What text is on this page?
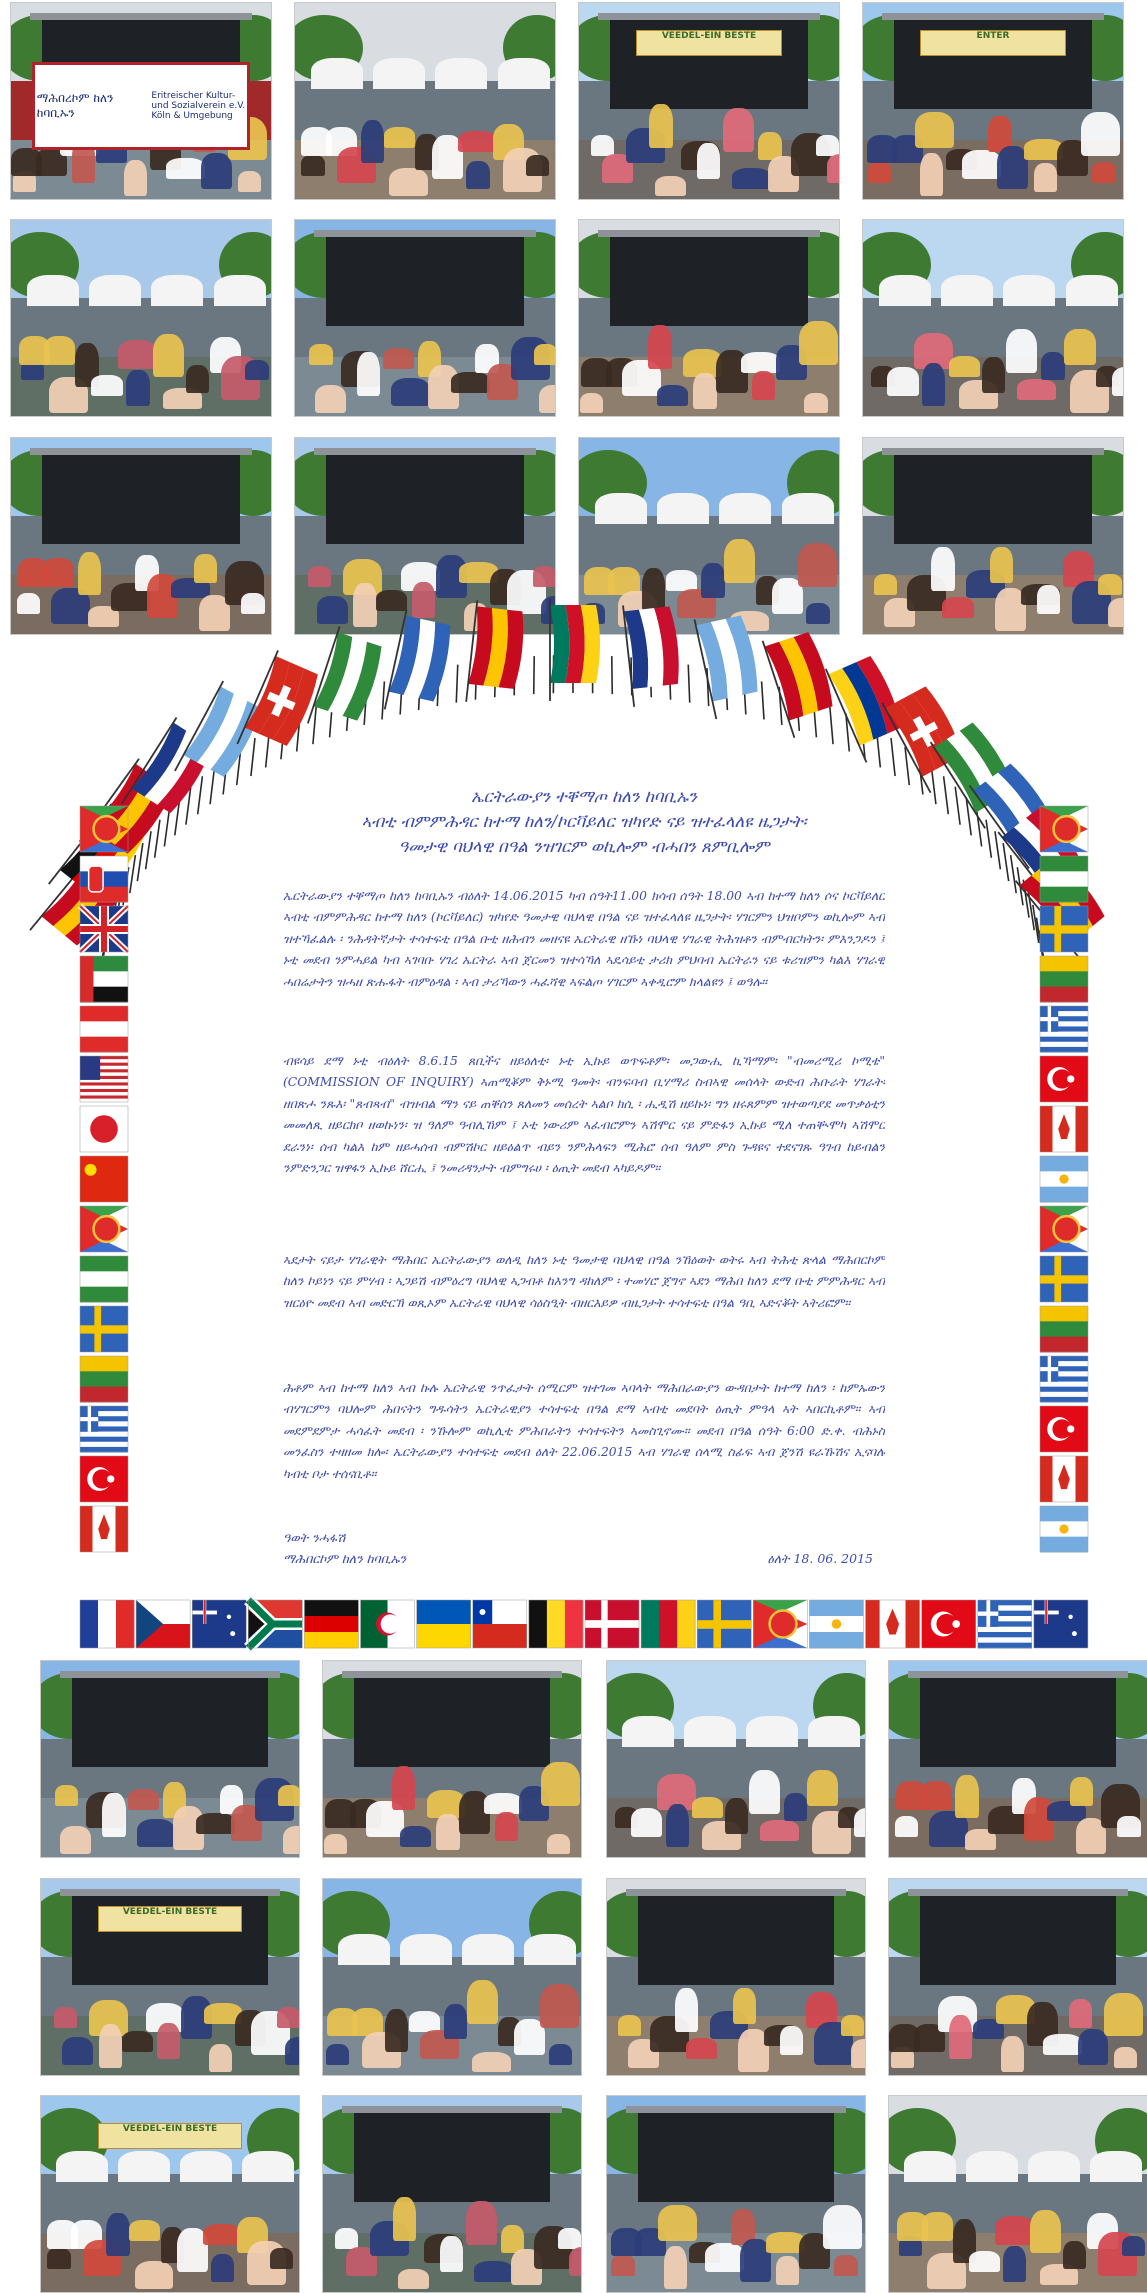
ማሕበረኮም ከለን ከባቢኡን
Eritreischer Kultur- und Sozialverein e.V. Köln & Umgebung
VEEDEL-EIN BESTE	ENTER
ኤርትራውያን ተቐማጦ ከለን ከባቢኡን
ኣብቲ ብምምሕዳር ከተማ ከለን/ኮርቫይለር ዝካየድ ናይ ዝተፈላለዩ ዜጋታት፡
ዓመታዊ ባህላዊ በዓል ንዝገርም ወኪሎም ብሓበን ጸምቢሎም

ኤርትራውያን ተቐማጦ ከለን ከባቢኡን ብዕለት 14.06.2015 ካብ ሰዓት11.00 ክሳብ ሰዓት 18.00 ኣብ ከተማ ከለን ሶና ኮርቫይለር ኣብቲ ብምምሕዳር ከተማ ከለን (ኮርቫይለር) ዝካየድ ዓመታዊ ባህላዊ በዓል ናይ ዝተፈላለዩ ዜጋታት፡ ሃገርምን ህዝቦምን ወኪሎም ኣብ ዝተኻፈልሉ ፡ ንሕዳትኛታት ተሳተፍቲ በዓል ቡቲ ዘሕብን መዘናዩ ኤርትራዊ ዘኹነ ባህላዊ ሃገራዊ ትሕዝቶን ብምብርካትን፡ ምእንጋዶን ፤ ኑቲ መደብ ንምሓይል ካብ ኣገባቡ ሃገረ ኤርትራ ኣብ ጀርመን ዝተሳኻለ ኣዴሳይቲ ታሪክ ምህባብ ኤርትራን ናይ ቱሪዝምን ካልእ ሃገራዊ ሓበሬታትን ዝሓዘ ጽሑፋት ብምዕዳል ፡ ኣብ ታሪኻውን ሓፈሻዊ ኣፍልጦ ሃገርም ኣቀዲሮም ክላልዩን ፤ ወዓሉ።

ብዩሳይ ደማ ኑቲ ብዕለት 8.6.15 ጸቢችና ዘይዕለቲ፡ ኑቲ ኢኩይ ወጥፍቶም፡ መጋውሒ ኪኻማም፡ "ብመሪሚሪ ኮሚቴ" (COMMISSION OF INQUIRY) ኣጠሚቖም ቅኑሚ ዓመት፡ ብንፍባብ ቢሃማሪ ስብኣዊ መሰላት ውድብ ሕቡራት ሃገራት፡ ዘበጽሖ ንጹእ፡ "ጸብጻብ" ብዝብል ማን ናይ ጠቐሰን ጸለመን መሰረት ኣልቦ ክሲ ፡ ሒዲሽ ዘይኩነ፡ ግን ዘሩጸምም ዝተወጣያደ መጥቃዕቲን መመለጺ ዘይርክቦ ዘወኩነን፡ ዝ ዓለም ዓብሊኸም ፤ ኦቲ ነውሪም ኣፈብሮምን ኣሽሞር ናይ ምድፋን ኢኩይ ሚለ ተጠቚሞካ ኣሽሞር ደራንነ፡ ሰብ ካልእ ከም ዘይሓሰብ ብምሽኮር ዘይዕልጥ ብይን ንምሕላፍን ሚሕሮ ሰብ ዓለም ምስ ጉዳዩና ተደናገጹ ዓገብ ከይብልን ንምድንጋር ዝዋፋን ኢኩይ ሸርሒ ፤ ንመሪዳንታት ብምግሩሀ ፡ ዕጢት መደብ ኣካይዶም።

ኣደታት ናይታ ሃገራዊት ማሕበር ኤርትራውያን ወለዲ ከለን ኑቲ ዓመታዊ ባህላዊ በዓል ንኸዕወት ወትሩ ኣብ ትሕቲ ጽላል ማሕበርኮም ከለን ኮይነን ናይ ምሃብ ፡ ኣጋይሽ ብምዕረግ ባህላዊ ኣጋብቶ ከእንግ ዳከለም ፡ ተመሃሮ ጀግኖ ኣደን ማሕበ ከለን ደማ ቡቲ ምምሕዳር ኣብ ዝርዕዮ መደብ ኣብ መድርኽ ወጺኦም ኤርትራዊ ባህላዊ ሳዕስዒት ብዘርእይዎ ብዜጋታት ተሳተፍቲ በዓል ዓቢ ኣድናቖት ኣትሪፎም።

ሕቶም ኣብ ከተማ ከለን ኣብ ኩሉ ኤርትራዊ ንጥፈታት ሰሚርም ዝተገመ ኣባላት ማሕበራውያን ውዳበታት ከተማ ከለን ፡ ከምኡውን ብሃገርምን ባህሎም ሕበናትን ግዱሳትን ኤርትራዊያን ተሳተፍቲ በዓል ደማ ኣብቲ መደባት ዕጢት ምዓላ ኣት ኣበርኪቶም። ኣብ መደምደምታ ሓሳፈት መደብ ፡ ንኹሎም ወኪሊቲ ምሕበራትን ተሳተፍትን ኣመስጊኖሙ። መደብ በዓል ሰዓት 6:00 ድ.ቀ. ብሕኑስ መንፈስን ተዛዘመ ክሎ፡ ኤርትራውያን ተሳተፍቲ መደብ ዕለት 22.06.2015 ኣብ ሃገራዊ ሰላሚ ስፊፍ ኣብ ጀንሽ ዩራኹሽና ኢናባሉ ካብቲ ቦታ ተሰናቢቶ።

ዓወት ንሓፋሽ
ማሕበርኮም ከለን ከባቢኡን	ዕለት 18. 06. 2015
VEEDEL-EIN BESTE
VEEDEL-EIN BESTE
